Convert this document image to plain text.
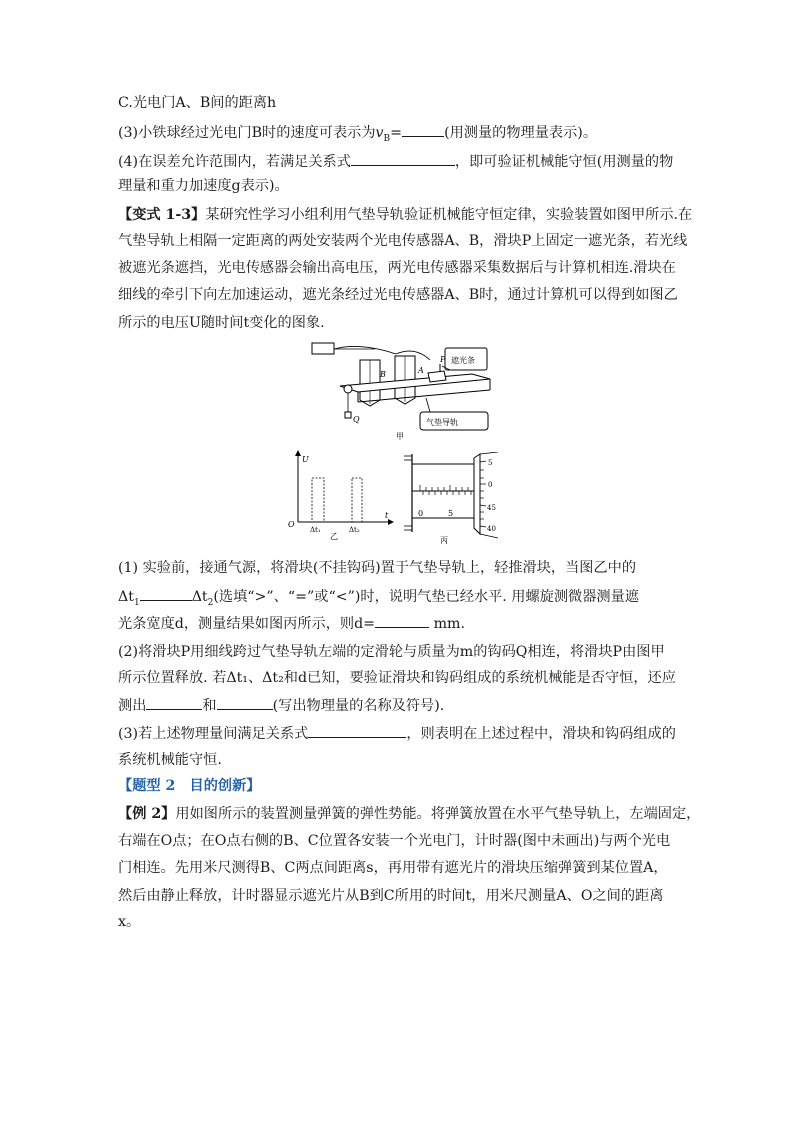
C.光电门A、B间的距离h
(3)小铁球经过光电门B时的速度可表示为$v_B=$	(用测量的物理量表示)。
(4)在误差允许范围内，若满足关系式	，即可验证机械能守恒(用测量的物
理量和重力加速度g表示)。
【变式 1-3】某研究性学习小组利用气垫导轨验证机械能守恒定律，实验装置如图甲所示.在
气垫导轨上相隔一定距离的两处安装两个光电传感器A、B，滑块P上固定一遮光条，若光线
被遮光条遮挡，光电传感器会输出高电压，两光电传感器采集数据后与计算机相连.滑块在
细线的牵引下向左加速运动，遮光条经过光电传感器A、B时，通过计算机可以得到如图乙
所示的电压U随时间t变化的图象.
B	A
P
Q
遮光条
气垫导轨
甲
U
t
O
Δt₁	Δt₂
乙
0	5
5
0
45
40
丙
(1) 实验前，接通气源，将滑块(不挂钩码)置于气垫导轨上，轻推滑块，当图乙中的
$\Delta t_1$	$\Delta t_2$(选填“>”、“=”或“<”)时，说明气垫已经水平. 用螺旋测微器测量遮
光条宽度d，测量结果如图丙所示，则d=	mm.
(2)将滑块P用细线跨过气垫导轨左端的定滑轮与质量为m的钩码Q相连，将滑块P由图甲
所示位置释放. 若Δt₁、Δt₂和d已知，要验证滑块和钩码组成的系统机械能是否守恒，还应
测出	和	(写出物理量的名称及符号).
(3)若上述物理量间满足关系式	，则表明在上述过程中，滑块和钩码组成的
系统机械能守恒.
【题型 2　目的创新】
【例 2】用如图所示的装置测量弹簧的弹性势能。将弹簧放置在水平气垫导轨上，左端固定，
右端在O点；在O点右侧的B、C位置各安装一个光电门，计时器(图中未画出)与两个光电
门相连。先用米尺测得B、C两点间距离s，再用带有遮光片的滑块压缩弹簧到某位置A，
然后由静止释放，计时器显示遮光片从B到C所用的时间t，用米尺测量A、O之间的距离
x。
